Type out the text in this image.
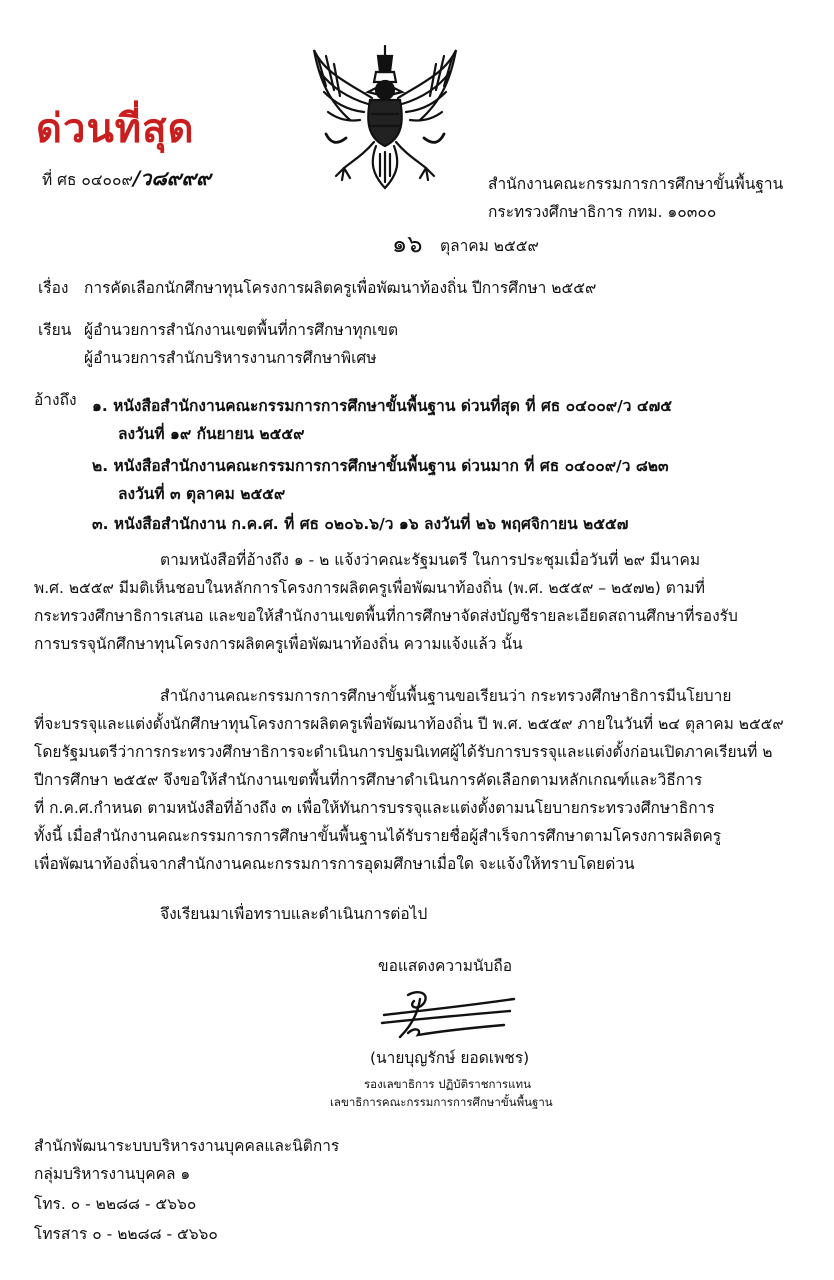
ด่วนที่สุด
ที่ ศธ ๐๔๐๐๙/ว๘๙๙๙	สำนักงานคณะกรรมการการศึกษาขั้นพื้นฐาน
กระทรวงศึกษาธิการ กทม. ๑๐๓๐๐
๑๖ ตุลาคม ๒๕๕๙
เรื่อง การคัดเลือกนักศึกษาทุนโครงการผลิตครูเพื่อพัฒนาท้องถิ่น ปีการศึกษา ๒๕๕๙
เรียน ผู้อำนวยการสำนักงานเขตพื้นที่การศึกษาทุกเขต
ผู้อำนวยการสำนักบริหารงานการศึกษาพิเศษ
อ้างถึง ๑. หนังสือสำนักงานคณะกรรมการการศึกษาขั้นพื้นฐาน ด่วนที่สุด ที่ ศธ ๐๔๐๐๙/ว ๔๗๕
ลงวันที่ ๑๙ กันยายน ๒๕๕๙
๒. หนังสือสำนักงานคณะกรรมการการศึกษาขั้นพื้นฐาน ด่วนมาก ที่ ศธ ๐๔๐๐๙/ว ๘๒๓
ลงวันที่ ๓ ตุลาคม ๒๕๕๙
๓. หนังสือสำนักงาน ก.ค.ศ. ที่ ศธ ๐๒๐๖.๖/ว ๑๖ ลงวันที่ ๒๖ พฤศจิกายน ๒๕๕๗
ตามหนังสือที่อ้างถึง ๑ - ๒ แจ้งว่าคณะรัฐมนตรี ในการประชุมเมื่อวันที่ ๒๙ มีนาคม
พ.ศ. ๒๕๕๙ มีมติเห็นชอบในหลักการโครงการผลิตครูเพื่อพัฒนาท้องถิ่น (พ.ศ. ๒๕๕๙ – ๒๕๗๒) ตามที่
กระทรวงศึกษาธิการเสนอ และขอให้สำนักงานเขตพื้นที่การศึกษาจัดส่งบัญชีรายละเอียดสถานศึกษาที่รองรับ
การบรรจุนักศึกษาทุนโครงการผลิตครูเพื่อพัฒนาท้องถิ่น ความแจ้งแล้ว นั้น
สำนักงานคณะกรรมการการศึกษาขั้นพื้นฐานขอเรียนว่า กระทรวงศึกษาธิการมีนโยบาย
ที่จะบรรจุและแต่งตั้งนักศึกษาทุนโครงการผลิตครูเพื่อพัฒนาท้องถิ่น ปี พ.ศ. ๒๕๕๙ ภายในวันที่ ๒๔ ตุลาคม ๒๕๕๙
โดยรัฐมนตรีว่าการกระทรวงศึกษาธิการจะดำเนินการปฐมนิเทศผู้ได้รับการบรรจุและแต่งตั้งก่อนเปิดภาคเรียนที่ ๒
ปีการศึกษา ๒๕๕๙ จึงขอให้สำนักงานเขตพื้นที่การศึกษาดำเนินการคัดเลือกตามหลักเกณฑ์และวิธีการ
ที่ ก.ค.ศ.กำหนด ตามหนังสือที่อ้างถึง ๓ เพื่อให้ทันการบรรจุและแต่งตั้งตามนโยบายกระทรวงศึกษาธิการ
ทั้งนี้ เมื่อสำนักงานคณะกรรมการการศึกษาขั้นพื้นฐานได้รับรายชื่อผู้สำเร็จการศึกษาตามโครงการผลิตครู
เพื่อพัฒนาท้องถิ่นจากสำนักงานคณะกรรมการการอุดมศึกษาเมื่อใด จะแจ้งให้ทราบโดยด่วน
จึงเรียนมาเพื่อทราบและดำเนินการต่อไป
ขอแสดงความนับถือ
(นายบุญรักษ์ ยอดเพชร)
รองเลขาธิการ ปฏิบัติราชการแทน
เลขาธิการคณะกรรมการการศึกษาขั้นพื้นฐาน
สำนักพัฒนาระบบบริหารงานบุคคลและนิติการ
กลุ่มบริหารงานบุคคล ๑
โทร. ๐ - ๒๒๘๘ - ๕๖๖๐
โทรสาร ๐ - ๒๒๘๘ - ๕๖๖๐
